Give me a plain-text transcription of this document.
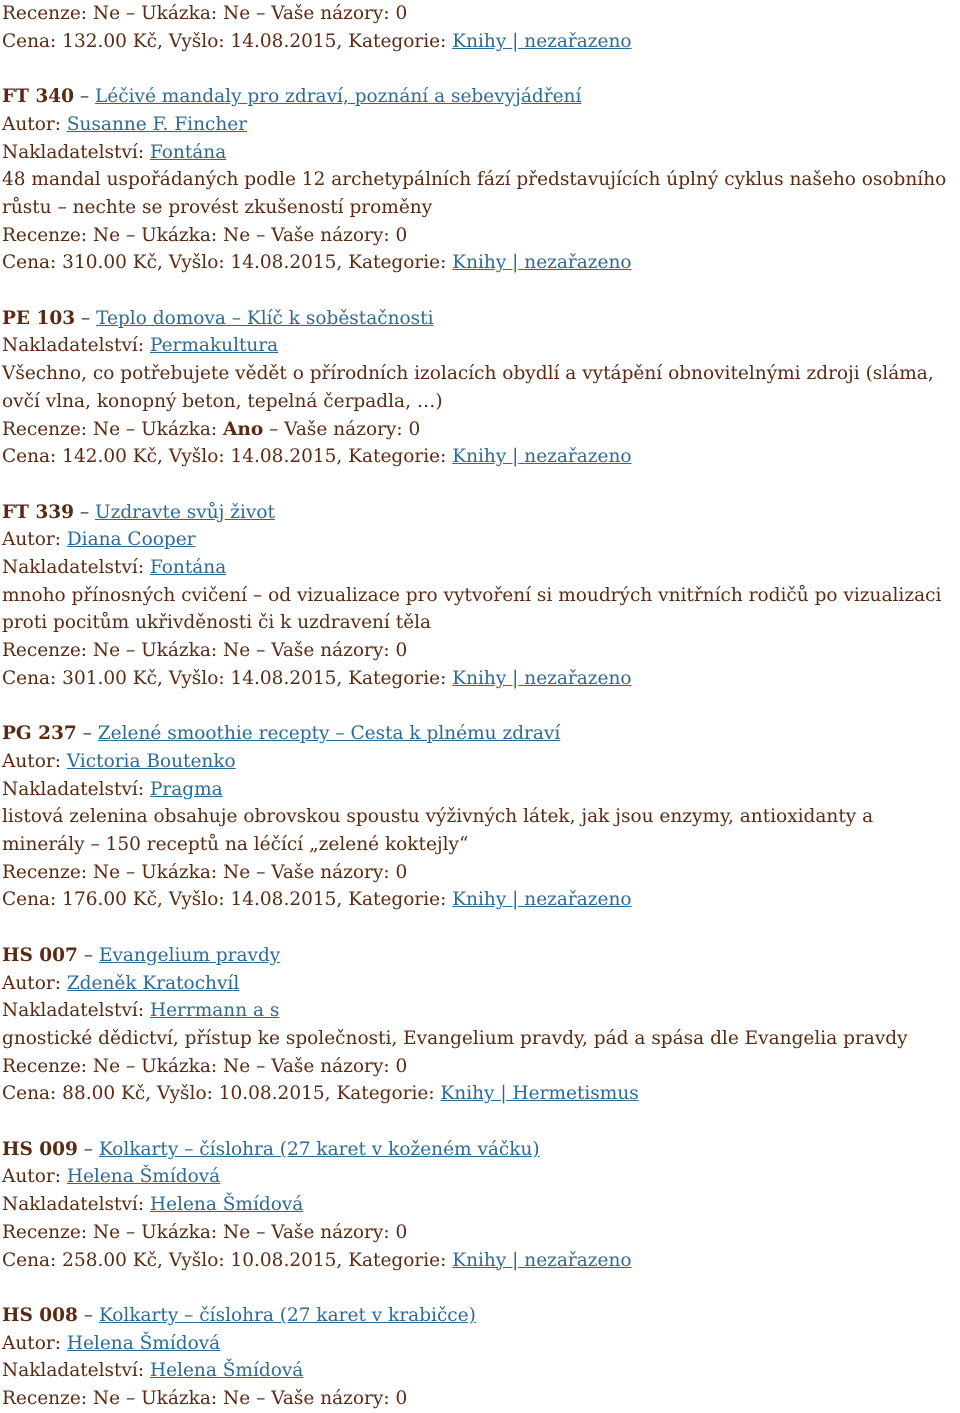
Recenze: Ne – Ukázka: Ne – Vaše názory: 0
Cena: 132.00 Kč, Vyšlo: 14.08.2015, Kategorie: Knihy | nezařazeno
FT 340 – Léčivé mandaly pro zdraví, poznání a sebevyjádření
Autor: Susanne F. Fincher
Nakladatelství: Fontána
48 mandal uspořádaných podle 12 archetypálních fází představujících úplný cyklus našeho osobního růstu – nechte se provést zkušeností proměny
Recenze: Ne – Ukázka: Ne – Vaše názory: 0
Cena: 310.00 Kč, Vyšlo: 14.08.2015, Kategorie: Knihy | nezařazeno
PE 103 – Teplo domova – Klíč k soběstačnosti
Nakladatelství: Permakultura
Všechno, co potřebujete vědět o přírodních izolacích obydlí a vytápění obnovitelnými zdroji (sláma, ovčí vlna, konopný beton, tepelná čerpadla, …)
Recenze: Ne – Ukázka: Ano – Vaše názory: 0
Cena: 142.00 Kč, Vyšlo: 14.08.2015, Kategorie: Knihy | nezařazeno
FT 339 – Uzdravte svůj život
Autor: Diana Cooper
Nakladatelství: Fontána
mnoho přínosných cvičení – od vizualizace pro vytvoření si moudrých vnitřních rodičů po vizualizaci proti pocitům ukřivděnosti či k uzdravení těla
Recenze: Ne – Ukázka: Ne – Vaše názory: 0
Cena: 301.00 Kč, Vyšlo: 14.08.2015, Kategorie: Knihy | nezařazeno
PG 237 – Zelené smoothie recepty – Cesta k plnému zdraví
Autor: Victoria Boutenko
Nakladatelství: Pragma
listová zelenina obsahuje obrovskou spoustu výživných látek, jak jsou enzymy, antioxidanty a minerály – 150 receptů na léčící „zelené koktejly“
Recenze: Ne – Ukázka: Ne – Vaše názory: 0
Cena: 176.00 Kč, Vyšlo: 14.08.2015, Kategorie: Knihy | nezařazeno
HS 007 – Evangelium pravdy
Autor: Zdeněk Kratochvíl
Nakladatelství: Herrmann a s
gnostické dědictví, přístup ke společnosti, Evangelium pravdy, pád a spása dle Evangelia pravdy
Recenze: Ne – Ukázka: Ne – Vaše názory: 0
Cena: 88.00 Kč, Vyšlo: 10.08.2015, Kategorie: Knihy | Hermetismus
HS 009 – Kolkarty – číslohra (27 karet v koženém váčku)
Autor: Helena Šmídová
Nakladatelství: Helena Šmídová
Recenze: Ne – Ukázka: Ne – Vaše názory: 0
Cena: 258.00 Kč, Vyšlo: 10.08.2015, Kategorie: Knihy | nezařazeno
HS 008 – Kolkarty – číslohra (27 karet v krabičce)
Autor: Helena Šmídová
Nakladatelství: Helena Šmídová
Recenze: Ne – Ukázka: Ne – Vaše názory: 0
